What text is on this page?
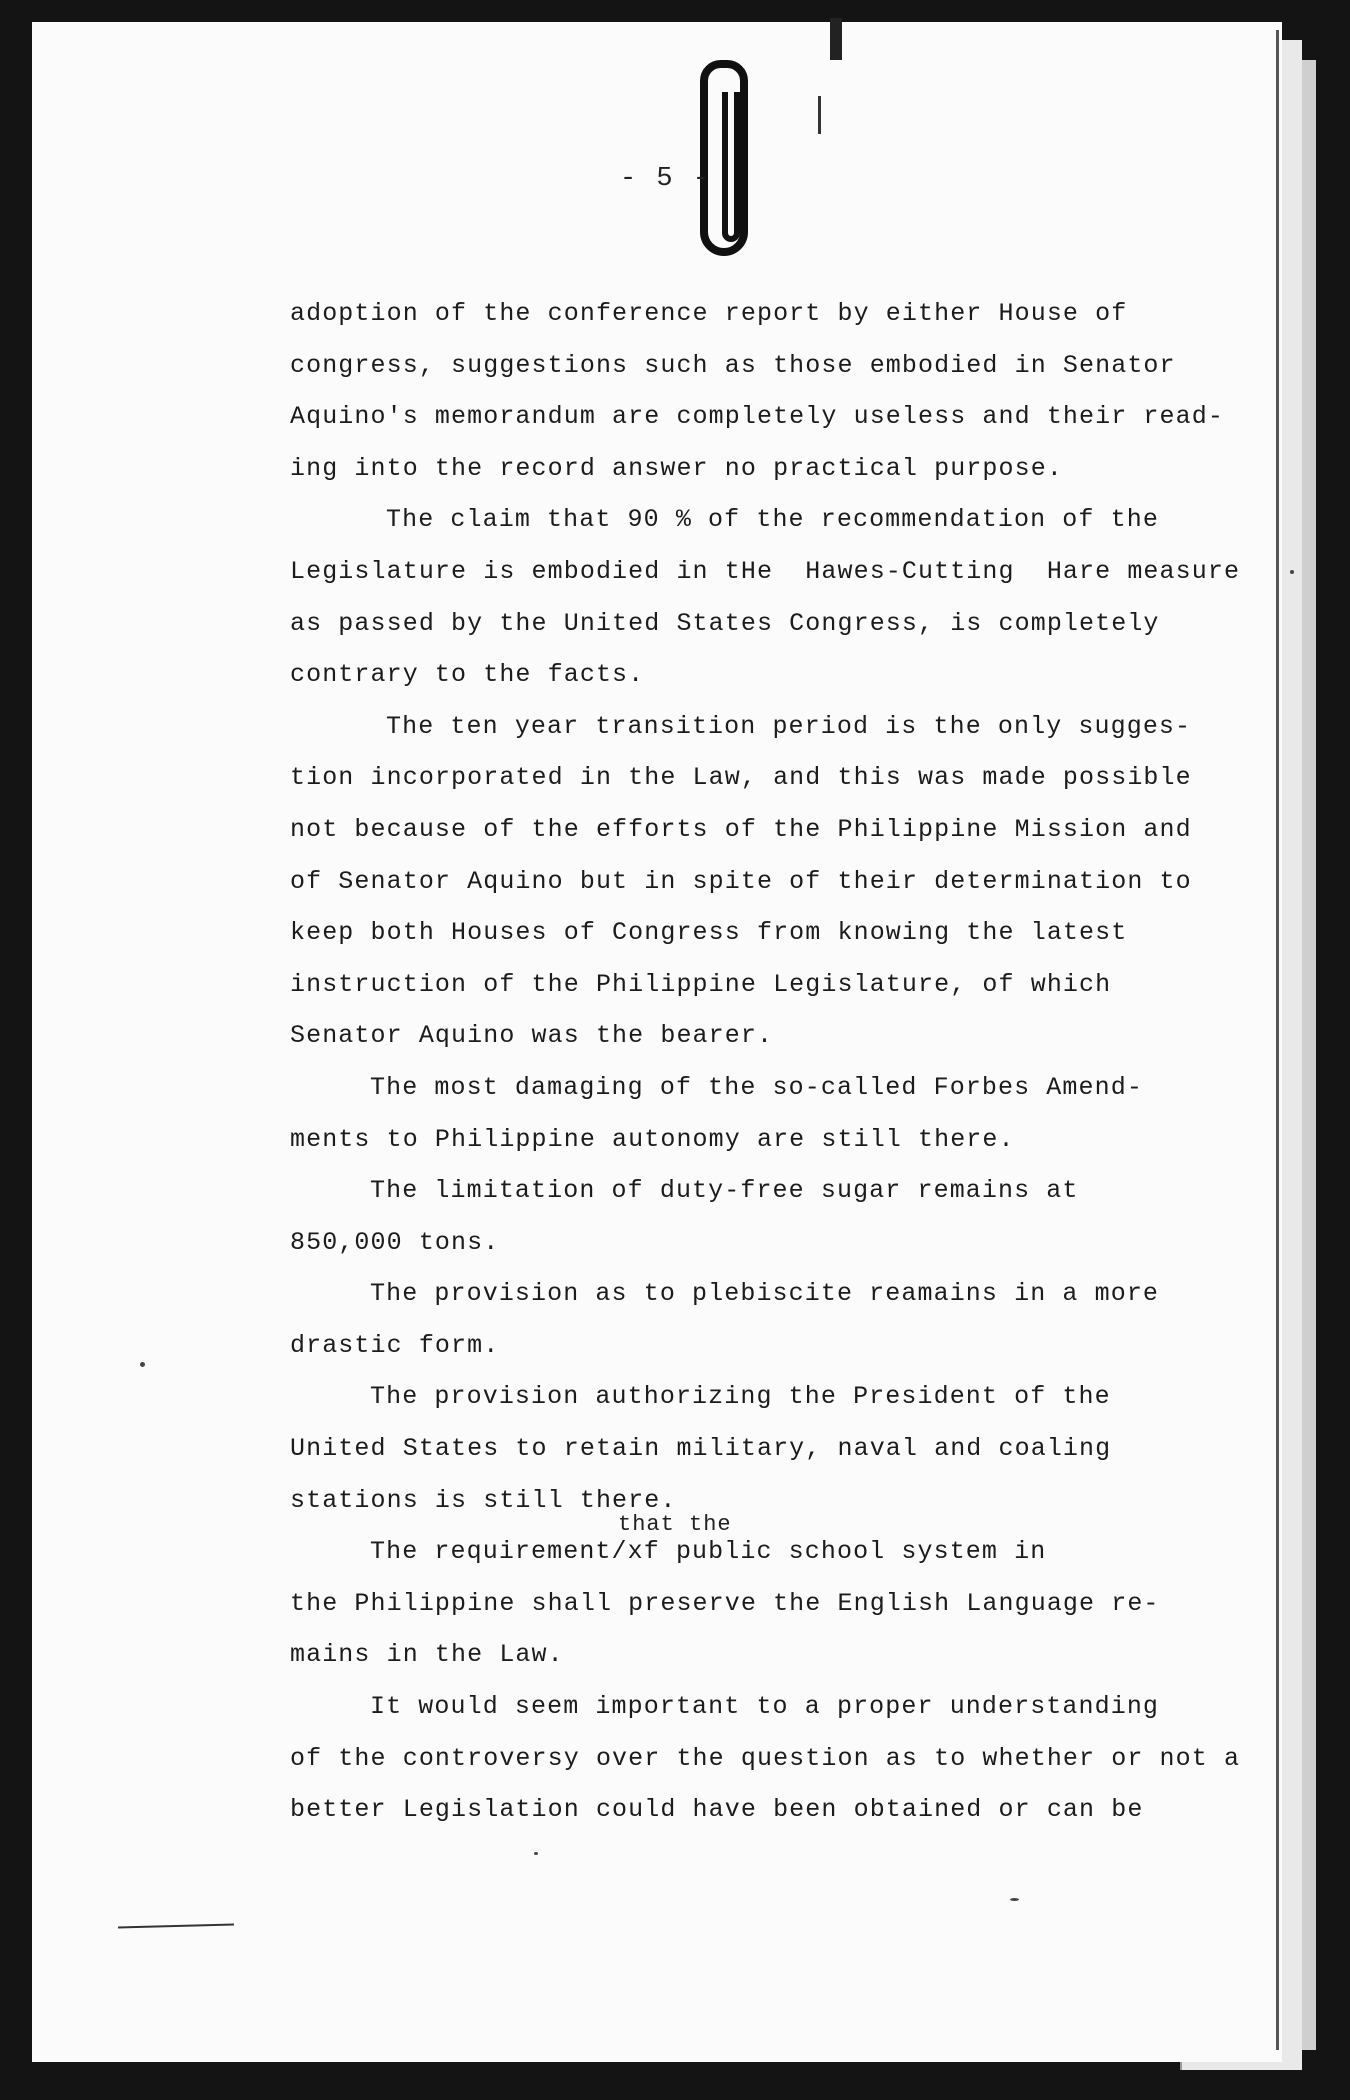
- 5 -
adoption of the conference report by either House of
congress, suggestions such as those embodied in Senator
Aquino's memorandum are completely useless and their read-
ing into the record answer no practical purpose.
The claim that 90 % of the recommendation of the
Legislature is embodied in tHe  Hawes-Cutting  Hare measure
as passed by the United States Congress, is completely
contrary to the facts.
The ten year transition period is the only sugges-
tion incorporated in the Law, and this was made possible
not because of the efforts of the Philippine Mission and
of Senator Aquino but in spite of their determination to
keep both Houses of Congress from knowing the latest
instruction of the Philippine Legislature, of which
Senator Aquino was the bearer.
The most damaging of the so-called Forbes Amend-
ments to Philippine autonomy are still there.
The limitation of duty-free sugar remains at
850,000 tons.
The provision as to plebiscite reamains in a more
drastic form.
The provision authorizing the President of the
United States to retain military, naval and coaling
stations is still there.
that the
The requirement/xf public school system in
the Philippine shall preserve the English Language re-
mains in the Law.
It would seem important to a proper understanding
of the controversy over the question as to whether or not a
better Legislation could have been obtained or can be
